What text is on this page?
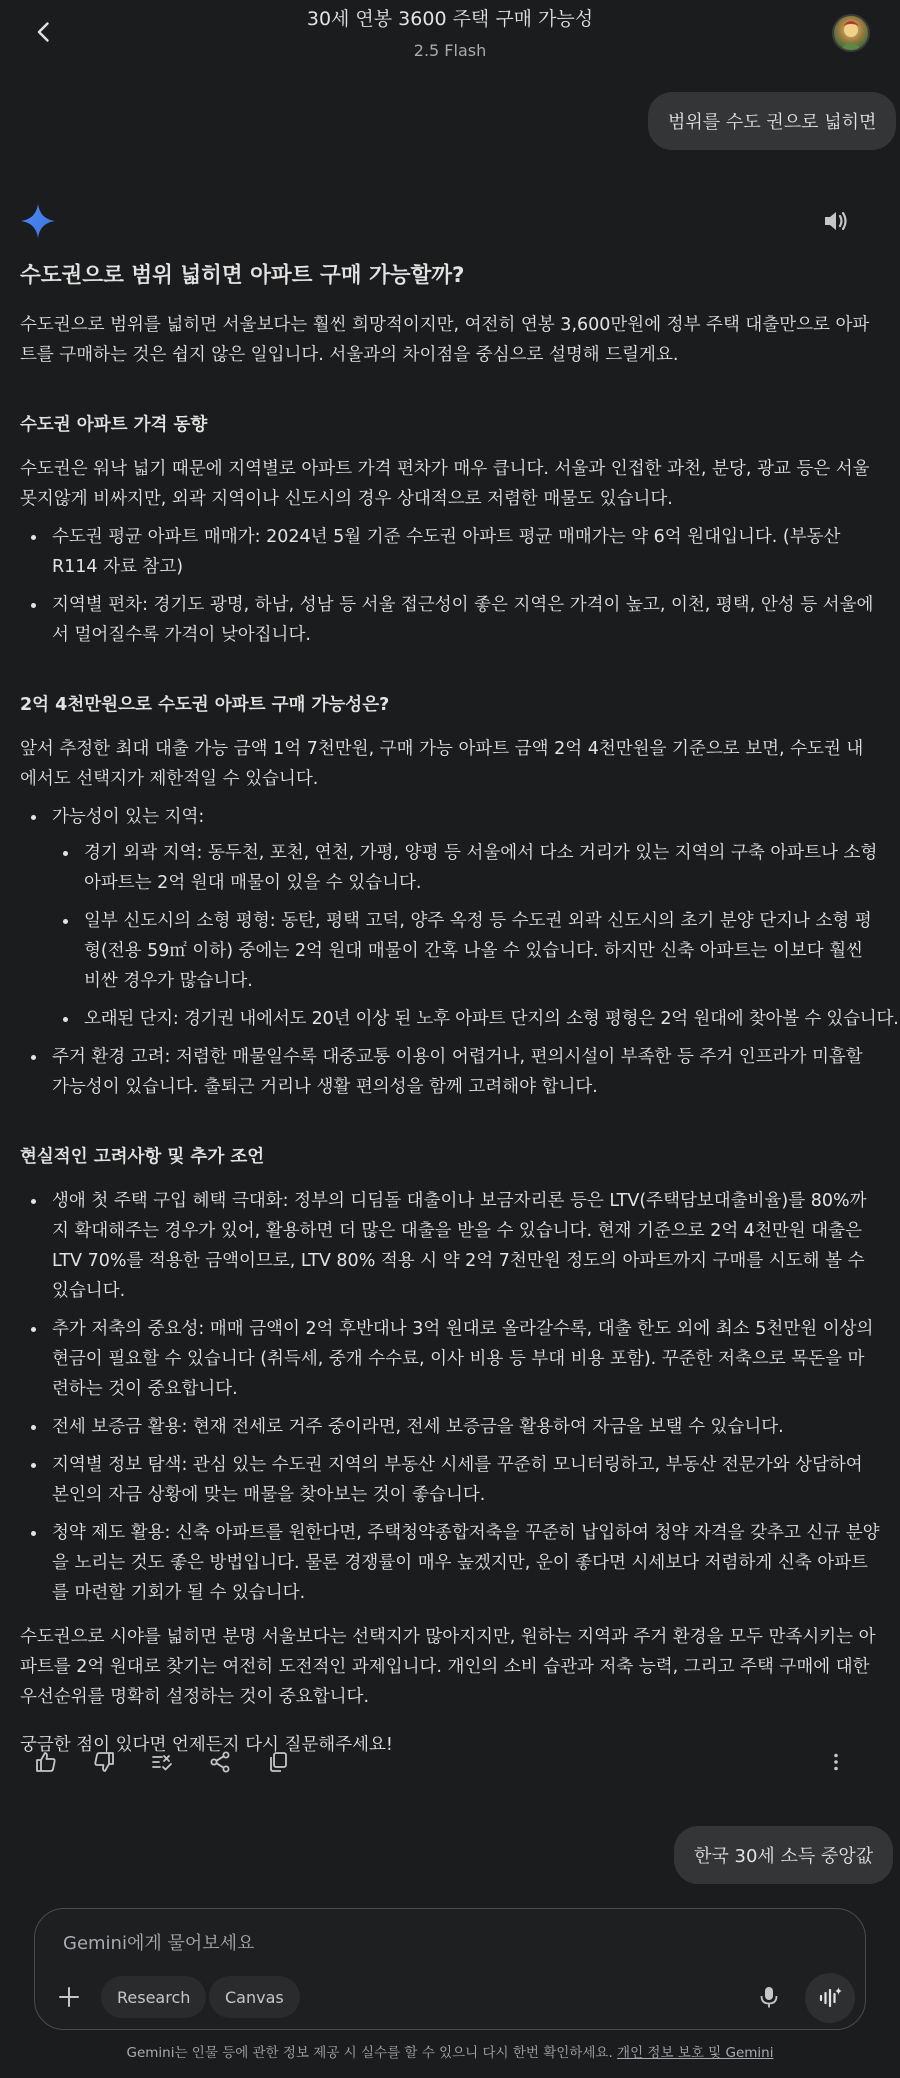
30세 연봉 3600 주택 구매 가능성
2.5 Flash
범위를 수도 권으로 넓히면
수도권으로 범위 넓히면 아파트 구매 가능할까?

수도권으로 범위를 넓히면 서울보다는 훨씬 희망적이지만, 여전히 연봉 3,600만원에 정부 주택 대출만으로 아파트를 구매하는 것은 쉽지 않은 일입니다. 서울과의 차이점을 중심으로 설명해 드릴게요.

수도권 아파트 가격 동향

수도권은 워낙 넓기 때문에 지역별로 아파트 가격 편차가 매우 큽니다. 서울과 인접한 과천, 분당, 광교 등은 서울 못지않게 비싸지만, 외곽 지역이나 신도시의 경우 상대적으로 저렴한 매물도 있습니다.

수도권 평균 아파트 매매가: 2024년 5월 기준 수도권 아파트 평균 매매가는 약 6억 원대입니다. (부동산R114 자료 참고)
지역별 편차: 경기도 광명, 하남, 성남 등 서울 접근성이 좋은 지역은 가격이 높고, 이천, 평택, 안성 등 서울에서 멀어질수록 가격이 낮아집니다.
2억 4천만원으로 수도권 아파트 구매 가능성은?

앞서 추정한 최대 대출 가능 금액 1억 7천만원, 구매 가능 아파트 금액 2억 4천만원을 기준으로 보면, 수도권 내에서도 선택지가 제한적일 수 있습니다.

가능성이 있는 지역:
경기 외곽 지역: 동두천, 포천, 연천, 가평, 양평 등 서울에서 다소 거리가 있는 지역의 구축 아파트나 소형 아파트는 2억 원대 매물이 있을 수 있습니다.
일부 신도시의 소형 평형: 동탄, 평택 고덕, 양주 옥정 등 수도권 외곽 신도시의 초기 분양 단지나 소형 평형(전용 59㎡ 이하) 중에는 2억 원대 매물이 간혹 나올 수 있습니다. 하지만 신축 아파트는 이보다 훨씬 비싼 경우가 많습니다.
오래된 단지: 경기권 내에서도 20년 이상 된 노후 아파트 단지의 소형 평형은 2억 원대에 찾아볼 수 있습니다.
주거 환경 고려: 저렴한 매물일수록 대중교통 이용이 어렵거나, 편의시설이 부족한 등 주거 인프라가 미흡할 가능성이 있습니다. 출퇴근 거리나 생활 편의성을 함께 고려해야 합니다.
현실적인 고려사항 및 추가 조언
생애 첫 주택 구입 혜택 극대화: 정부의 디딤돌 대출이나 보금자리론 등은 LTV(주택담보대출비율)를 80%까지 확대해주는 경우가 있어, 활용하면 더 많은 대출을 받을 수 있습니다. 현재 기준으로 2억 4천만원 대출은 LTV 70%를 적용한 금액이므로, LTV 80% 적용 시 약 2억 7천만원 정도의 아파트까지 구매를 시도해 볼 수 있습니다.
추가 저축의 중요성: 매매 금액이 2억 후반대나 3억 원대로 올라갈수록, 대출 한도 외에 최소 5천만원 이상의 현금이 필요할 수 있습니다 (취득세, 중개 수수료, 이사 비용 등 부대 비용 포함). 꾸준한 저축으로 목돈을 마련하는 것이 중요합니다.
전세 보증금 활용: 현재 전세로 거주 중이라면, 전세 보증금을 활용하여 자금을 보탤 수 있습니다.
지역별 정보 탐색: 관심 있는 수도권 지역의 부동산 시세를 꾸준히 모니터링하고, 부동산 전문가와 상담하여 본인의 자금 상황에 맞는 매물을 찾아보는 것이 좋습니다.
청약 제도 활용: 신축 아파트를 원한다면, 주택청약종합저축을 꾸준히 납입하여 청약 자격을 갖추고 신규 분양을 노리는 것도 좋은 방법입니다. 물론 경쟁률이 매우 높겠지만, 운이 좋다면 시세보다 저렴하게 신축 아파트를 마련할 기회가 될 수 있습니다.

수도권으로 시야를 넓히면 분명 서울보다는 선택지가 많아지지만, 원하는 지역과 주거 환경을 모두 만족시키는 아파트를 2억 원대로 찾기는 여전히 도전적인 과제입니다. 개인의 소비 습관과 저축 능력, 그리고 주택 구매에 대한 우선순위를 명확히 설정하는 것이 중요합니다.

궁금한 점이 있다면 언제든지 다시 질문해주세요!

한국 30세 소득 중앙값
Gemini에게 물어보세요
Research	Canvas
Gemini는 인물 등에 관한 정보 제공 시 실수를 할 수 있으니 다시 한번 확인하세요. 개인 정보 보호 및 Gemini
